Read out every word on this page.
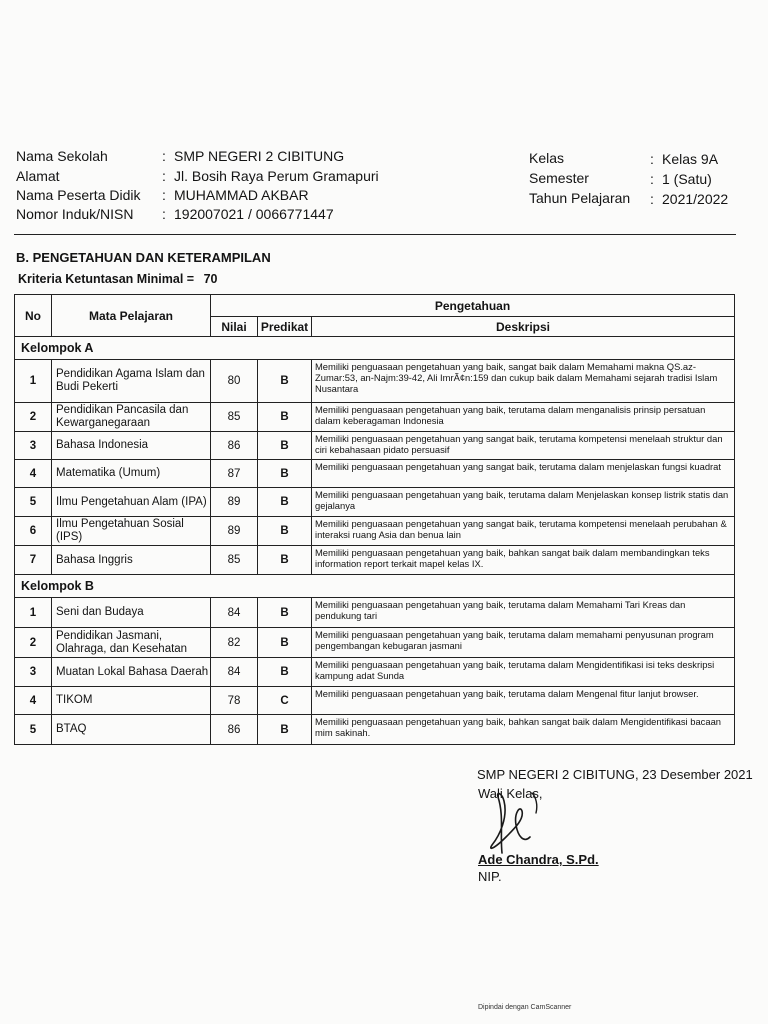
Nama Sekolah	: SMP NEGERI 2 CIBITUNG
Alamat	: Jl. Bosih Raya Perum Gramapuri
Nama Peserta Didik : MUHAMMAD AKBAR
Nomor Induk/NISN : 192007021 / 0066771447
Kelas	: Kelas 9A
Semester	: 1 (Satu)
Tahun Pelajaran : 2021/2022
B. PENGETAHUAN DAN KETERAMPILAN
Kriteria Ketuntasan Minimal = 70
No	Mata Pelajaran	Pengetahuan		
		Nilai	Predikat	Deskripsi
Kelompok A				
1	Pendidikan Agama Islam dan Budi Pekerti	80	B	Memiliki penguasaan pengetahuan yang baik, sangat baik dalam Memahami makna QS.az-Zumar:53, an-Najm:39-42, Ali ImrÃ¢n:159 dan cukup baik dalam Memahami sejarah tradisi Islam Nusantara
2	Pendidikan Pancasila dan Kewarganegaraan	85	B	Memiliki penguasaan pengetahuan yang baik, terutama dalam menganalisis prinsip persatuan dalam keberagaman Indonesia
3	Bahasa Indonesia	86	B	Memiliki penguasaan pengetahuan yang sangat baik, terutama kompetensi menelaah struktur dan ciri kebahasaan pidato persuasif
4	Matematika (Umum)	87	B	Memiliki penguasaan pengetahuan yang sangat baik, terutama dalam menjelaskan fungsi kuadrat
5	Ilmu Pengetahuan Alam (IPA)	89	B	Memiliki penguasaan pengetahuan yang baik, terutama dalam Menjelaskan konsep listrik statis dan gejalanya
6	Ilmu Pengetahuan Sosial (IPS)	89	B	Memiliki penguasaan pengetahuan yang sangat baik, terutama kompetensi menelaah perubahan & interaksi ruang Asia dan benua lain
7	Bahasa Inggris	85	B	Memiliki penguasaan pengetahuan yang baik, bahkan sangat baik dalam membandingkan teks information report terkait mapel kelas IX.
Kelompok B				
1	Seni dan Budaya	84	B	Memiliki penguasaan pengetahuan yang baik, terutama dalam Memahami Tari Kreas dan pendukung tari
2	Pendidikan Jasmani, Olahraga, dan Kesehatan	82	B	Memiliki penguasaan pengetahuan yang baik, terutama dalam memahami penyusunan program pengembangan kebugaran jasmani
3	Muatan Lokal Bahasa Daerah	84	B	Memiliki penguasaan pengetahuan yang baik, terutama dalam Mengidentifikasi isi teks deskripsi kampung adat Sunda
4	TIKOM	78	C	Memiliki penguasaan pengetahuan yang baik, terutama dalam Mengenal fitur lanjut browser.
5	BTAQ	86	B	Memiliki penguasaan pengetahuan yang baik, bahkan sangat baik dalam Mengidentifikasi bacaan mim sakinah.
SMP NEGERI 2 CIBITUNG, 23 Desember 2021
Wali Kelas,
Ade Chandra, S.Pd.
NIP.
Dipindai dengan CamScanner
